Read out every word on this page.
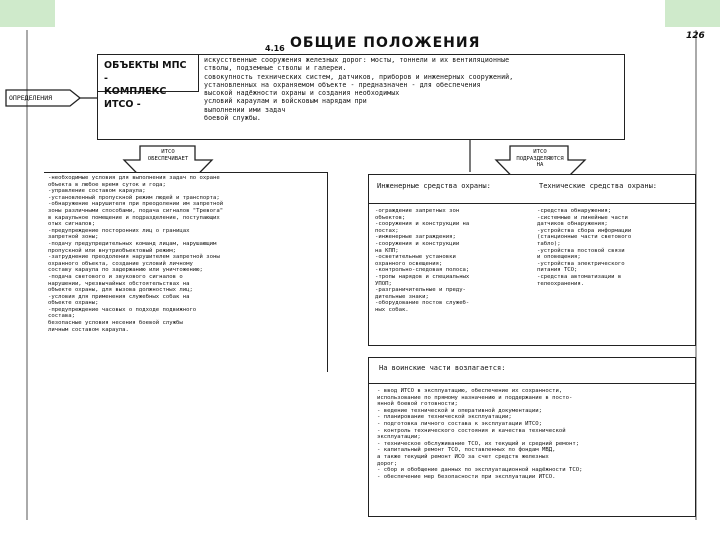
4.16 ОБЩИЕ ПОЛОЖЕНИЯ	126
ОБЪЕКТЫ МПС -
КОМПЛЕКС ИТСО -
искусственные сооружения железных дорог: мосты, тоннели и их вентиляционные
стволы, подземные стволы и галереи.
совокупность технических систем, датчиков, приборов и инженерных сооружений,
установленных на охраняемом объекте - предназначен - для обеспечения
высокой надёжности охраны и создания необходимых
условий караулам и войсковым нарядам при
выполнении ими задач
боевой службы.
ОПРЕДЕЛЕНИЯ
ИТСО ОБЕСПЕЧИВАЕТ
ИТСО ПОДРАЗДЕЛЯЮТСЯ НА
-необходимые условия для выполнения задач по охране
объекта в любое время суток и года;
-управление составом караула;
-установленный пропускной режим людей и транспорта;
-обнаружение нарушителя при преодолении им запретной
зоны различными способами, подача сигналов "Тревога"
в караульное помещение и подразделение, поступающих
отых сигналов;
-предупреждение посторонних лиц о границах
запретной зоны;
-подачу предупредительных команд лицам, нарушающим
пропускной или внутриобъектовый режим;
-затруднение преодоления нарушителем запретной зоны
охранного объекта, создание условий личному
составу караула по задержанию или уничтожению;
-подача светового и звукового сигналов о
нарушении, чрезвычайных обстоятельствах на
объекте охраны, для вызова должностных лиц;
-условия для применения служебных собак на
объекте охраны;
-предупреждение часовых о подходе подвижного
состава;
безопасные условия несения боевой службы
личным составом караула.
Инженерные средства охраны:
-ограждение запретных зон
объектов;
-сооружения и конструкции на
постах;
-инженерные заграждения;
-сооружения и конструкции
на КПП;
-осветительные установки
охранного освещения;
-контрольно-следовая полоса;
-тропы нарядов и специальных
УПОП;
-разграничительные и преду-
дительные знаки;
-оборудование постов служеб-
ных собак.
Технические средства охраны:
-средства обнаружения;
-системные и линейные части
датчиков обнаружения;
-устройства сбора информации
(станционные части светового
табло);
-устройства постовой связи
и оповещения;
-устройства электрического
питания ТСО;
-средства автоматизации в
телеохранения.
На воинские части возлагается:
- ввод ИТСО в эксплуатацию, обеспечение их сохранности,
использование по прямому назначению и поддержание в посто-
янной боевой готовности;
- ведение технической и оперативной документации;
- планирование технической эксплуатации;
- подготовка личного состава к эксплуатации ИТСО;
- контроль технического состояния и качества технической
эксплуатации;
- техническое обслуживание ТСО, их текущий и средний ремонт;
- капитальный ремонт ТСО, поставленных по фондам МВД,
а также текущий ремонт ИСО за счет средств железных
дорог;
- сбор и обобщение данных по эксплуатационной надёжности ТСО;
- обеспечение мер безопасности при эксплуатации ИТСО.
